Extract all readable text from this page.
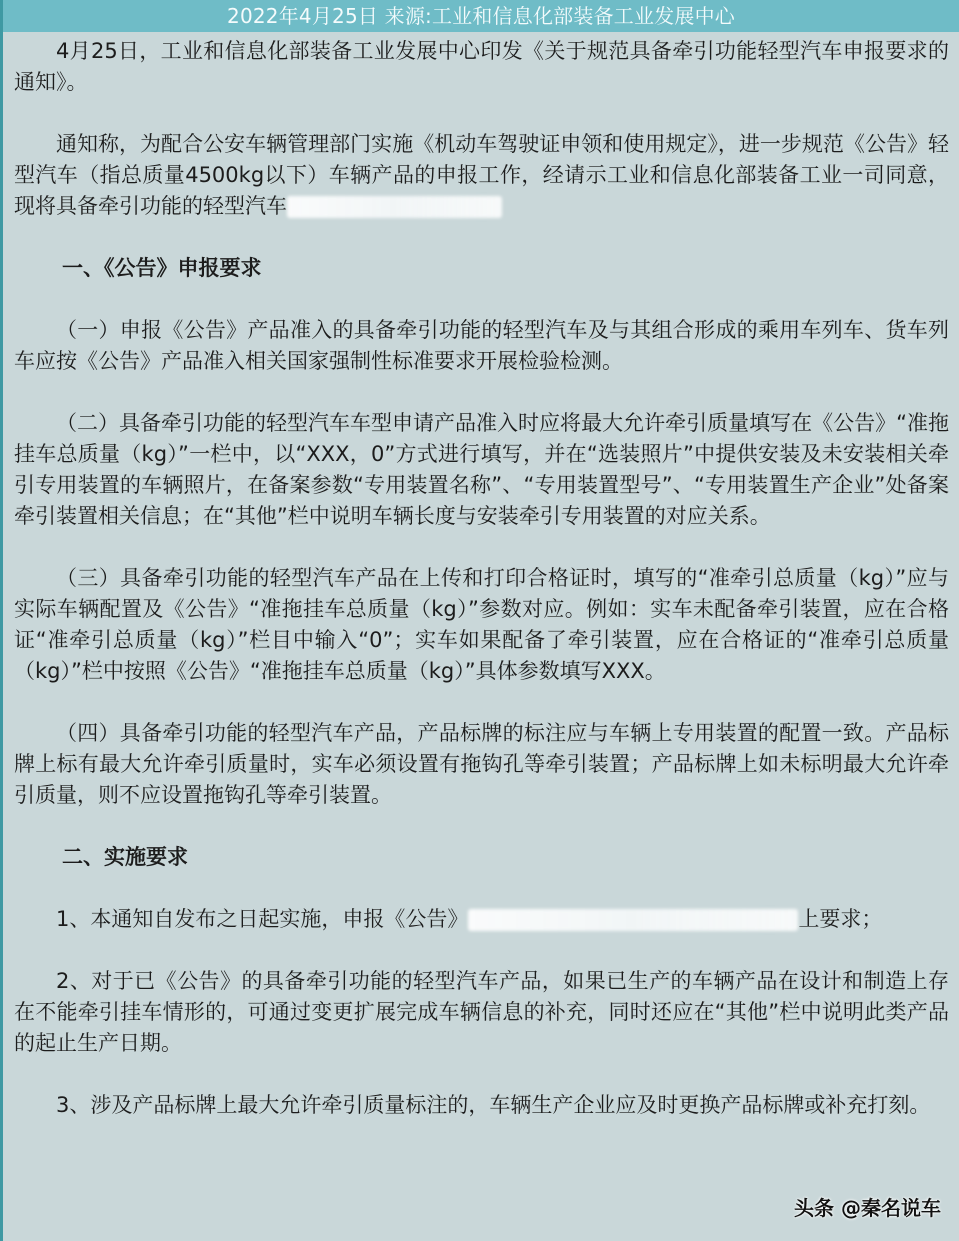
2022年4月25日 来源:工业和信息化部装备工业发展中心

4月25日，工业和信息化部装备工业发展中心印发《关于规范具备牵引功能轻型汽车申报要求的通知》。

通知称，为配合公安车辆管理部门实施《机动车驾驶证申领和使用规定》，进一步规范《公告》轻型汽车（指总质量4500kg以下）车辆产品的申报工作，经请示工业和信息化部装备工业一司同意，现将具备牵引功能的轻型汽车

一、《公告》申报要求

（一）申报《公告》产品准入的具备牵引功能的轻型汽车及与其组合形成的乘用车列车、货车列车应按《公告》产品准入相关国家强制性标准要求开展检验检测。

（二）具备牵引功能的轻型汽车车型申请产品准入时应将最大允许牵引质量填写在《公告》“准拖挂车总质量（kg）”一栏中，以“XXX，0”方式进行填写，并在“选装照片”中提供安装及未安装相关牵引专用装置的车辆照片，在备案参数“专用装置名称”、“专用装置型号”、“专用装置生产企业”处备案牵引装置相关信息；在“其他”栏中说明车辆长度与安装牵引专用装置的对应关系。

（三）具备牵引功能的轻型汽车产品在上传和打印合格证时，填写的“准牵引总质量（kg）”应与实际车辆配置及《公告》“准拖挂车总质量（kg）”参数对应。例如：实车未配备牵引装置，应在合格证“准牵引总质量（kg）”栏目中输入“0”；实车如果配备了牵引装置，应在合格证的“准牵引总质量（kg）”栏中按照《公告》“准拖挂车总质量（kg）”具体参数填写XXX。

（四）具备牵引功能的轻型汽车产品，产品标牌的标注应与车辆上专用装置的配置一致。产品标牌上标有最大允许牵引质量时，实车必须设置有拖钩孔等牵引装置；产品标牌上如未标明最大允许牵引质量，则不应设置拖钩孔等牵引装置。

二、实施要求

1、本通知自发布之日起实施，申报《公告》	上要求；

2、对于已《公告》的具备牵引功能的轻型汽车产品，如果已生产的车辆产品在设计和制造上存在不能牵引挂车情形的，可通过变更扩展完成车辆信息的补充，同时还应在“其他”栏中说明此类产品的起止生产日期。

3、涉及产品标牌上最大允许牵引质量标注的，车辆生产企业应及时更换产品标牌或补充打刻。

头条 @秦名说车
